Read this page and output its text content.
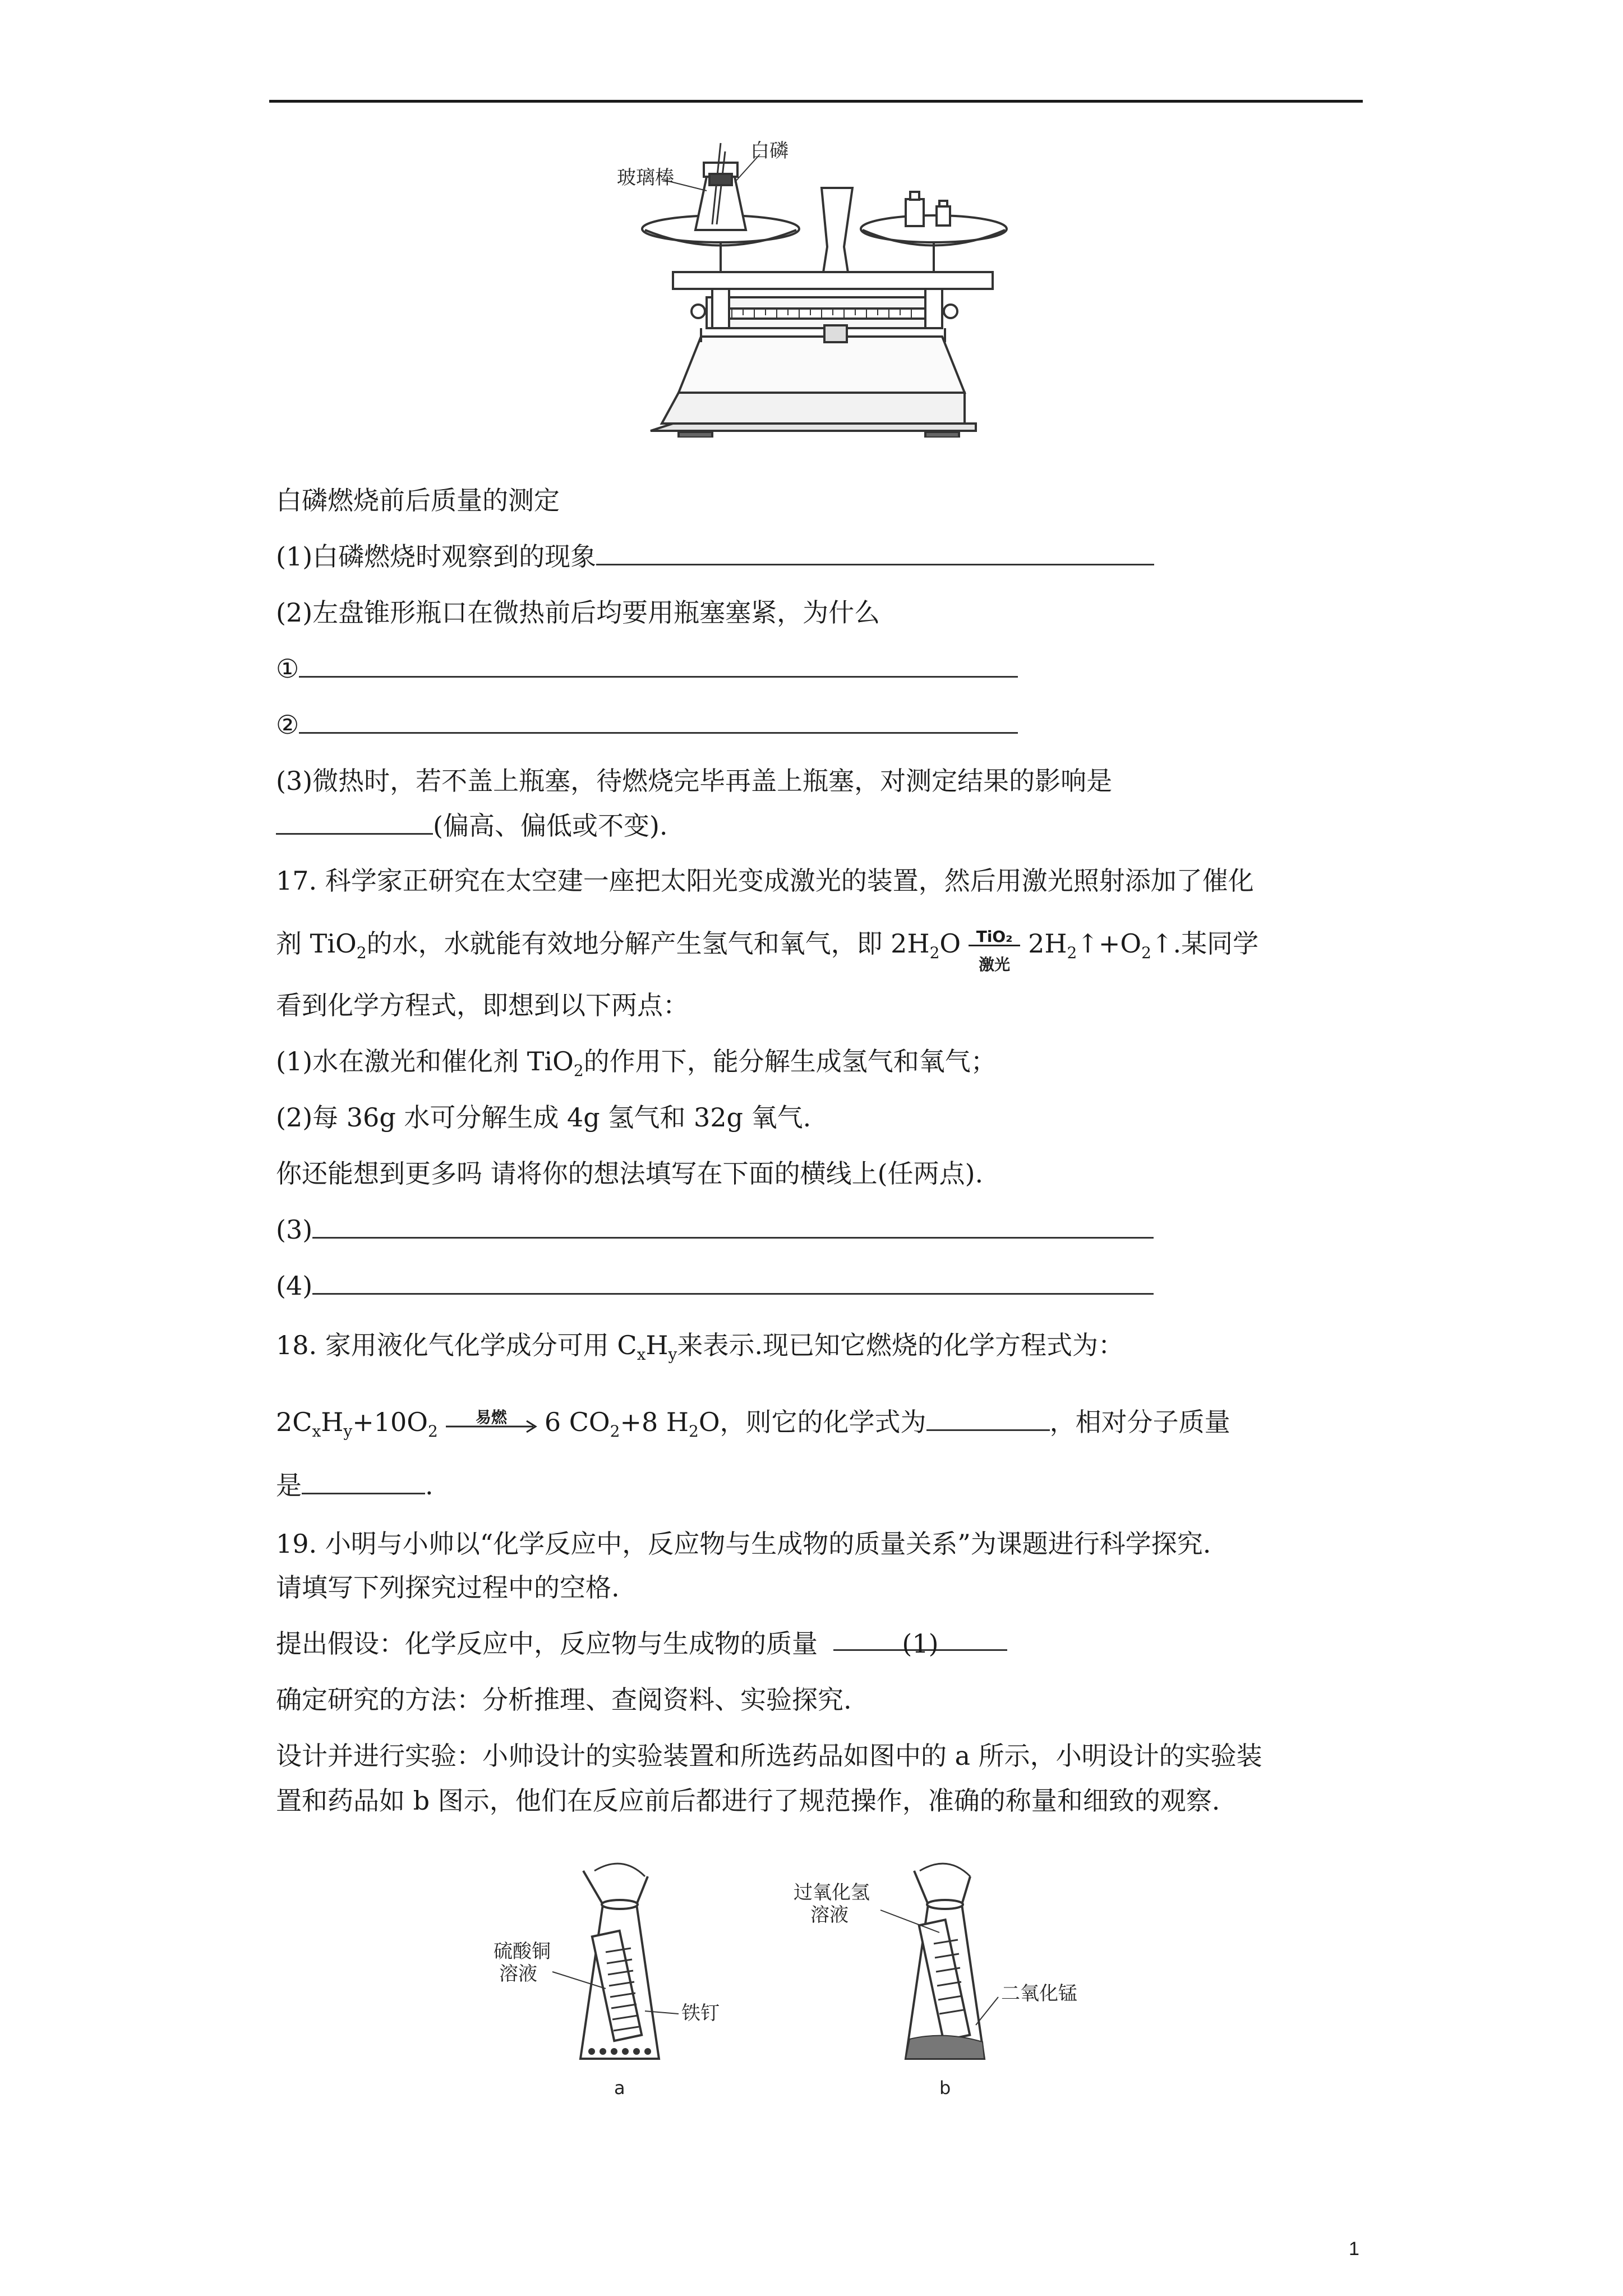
玻璃棒
白磷
白磷燃烧前后质量的测定
(1)白磷燃烧时观察到的现象
(2)左盘锥形瓶口在微热前后均要用瓶塞塞紧，为什么
①
②
(3)微热时，若不盖上瓶塞，待燃烧完毕再盖上瓶塞，对测定结果的影响是
(偏高、偏低或不变).
17. 科学家正研究在太空建一座把太阳光变成激光的装置，然后用激光照射添加了催化
剂 TiO$_2$的水，水就能有效地分解产生氢气和氧气，即 $2H_2O$ TiO₂
激光
$2H_2↑+O_2↑$.某同学
看到化学方程式，即想到以下两点：
(1)水在激光和催化剂 TiO$_2$的作用下，能分解生成氢气和氧气；
(2)每 36g 水可分解生成 4g 氢气和 32g 氧气.
你还能想到更多吗 请将你的想法填写在下面的横线上(任两点).
(3)
(4)
18. 家用液化气化学成分可用 $C_xH_y$来表示.现已知它燃烧的化学方程式为：
$2C_xH_y+10O_2$
易燃	6 $CO_2+8$ $H_2O$，则它的化学式为	，相对分子质量
是	.
19. 小明与小帅以“化学反应中，反应物与生成物的质量关系”为课题进行科学探究.
请填写下列探究过程中的空格.
提出假设：化学反应中，反应物与生成物的质量	(1)
确定研究的方法：分析推理、查阅资料、实验探究.
设计并进行实验：小帅设计的实验装置和所选药品如图中的 a 所示，小明设计的实验装
置和药品如 b 图示，他们在反应前后都进行了规范操作，准确的称量和细致的观察.
硫酸铜
溶液
铁钉
a
过氧化氢
溶液
二氧化锰
b
1
